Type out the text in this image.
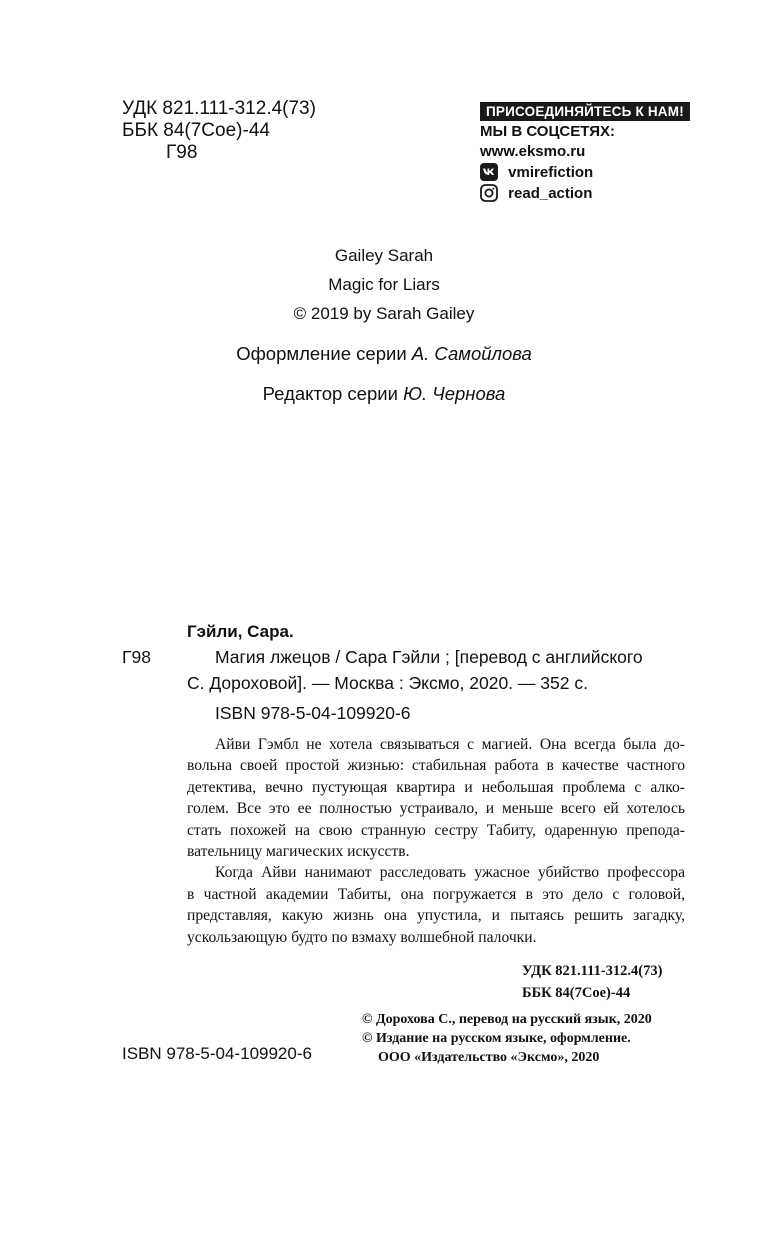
УДК 821.111-312.4(73)
ББК 84(7Сое)-44
Г98
ПРИСОЕДИНЯЙТЕСЬ К НАМ!
МЫ В СОЦСЕТЯХ:
www.eksmo.ru
vmirefiction
read_action
Gailey Sarah
Magic for Liars
© 2019 by Sarah Gailey
Оформление серии А. Самойлова
Редактор серии Ю. Чернова
Гэйли, Сара.
Г98	Магия лжецов / Сара Гэйли ; [перевод с английского
С. Дороховой]. — Москва : Эксмо, 2020. — 352 с.
ISBN 978-5-04-109920-6
Айви Гэмбл не хотела связываться с магией. Она всегда была до-
вольна своей простой жизнью: стабильная работа в качестве частного
детектива, вечно пустующая квартира и небольшая проблема с алко-
голем. Все это ее полностью устраивало, и меньше всего ей хотелось
стать похожей на свою странную сестру Табиту, одаренную препода-
вательницу магических искусств.
Когда Айви нанимают расследовать ужасное убийство профессора
в частной академии Табиты, она погружается в это дело с головой,
представляя, какую жизнь она упустила, и пытаясь решить загадку,
ускользающую будто по взмаху волшебной палочки.
УДК 821.111-312.4(73)
ББК 84(7Сое)-44
© Дорохова С., перевод на русский язык, 2020
© Издание на русском языке, оформление.
ООО «Издательство «Эксмо», 2020
ISBN 978-5-04-109920-6
